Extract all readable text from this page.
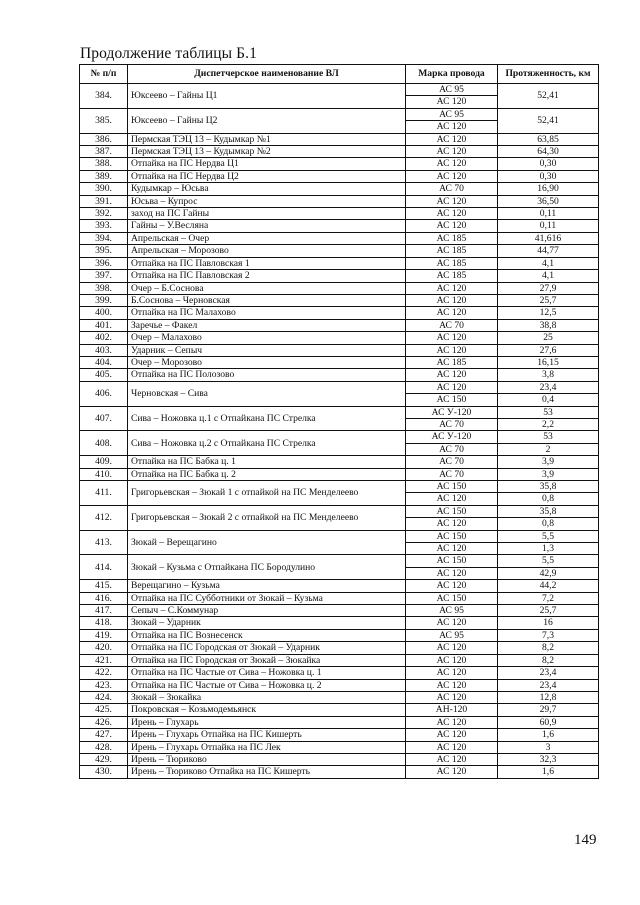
Продолжение таблицы Б.1
№ п/п	Диспетчерское наименование ВЛ	Марка провода	Протяженность, км
384.	Юксеево – Гайны Ц1	АС 95	52,41
		АС 120	
385.	Юксеево – Гайны Ц2	АС 95	52,41
		АС 120	
386.	Пермская ТЭЦ 13 – Кудымкар №1	АС 120	63,85
387.	Пермская ТЭЦ 13 – Кудымкар №2	АС 120	64,30
388.	Отпайка на ПС Нердва Ц1	АС 120	0,30
389.	Отпайка на ПС Нердва Ц2	АС 120	0,30
390.	Кудымкар – Юсьва	АС 70	16,90
391.	Юсьва – Купрос	АС 120	36,50
392.	заход на ПС Гайны	АС 120	0,11
393.	Гайны – У.Весляна	АС 120	0,11
394.	Апрельская – Очер	АС 185	41,616
395.	Апрельская – Морозово	АС 185	44,77
396.	Отпайка на ПС Павловская 1	АС 185	4,1
397.	Отпайка на ПС Павловская 2	АС 185	4,1
398.	Очер – Б.Соснова	АС 120	27,9
399.	Б.Соснова – Черновская	АС 120	25,7
400.	Отпайка на ПС Малахово	АС 120	12,5
401.	Заречье – Факел	АС 70	38,8
402.	Очер – Малахово	АС 120	25
403.	Ударник – Сепыч	АС 120	27,6
404.	Очер – Морозово	АС 185	16,15
405.	Отпайка на ПС Полозово	АС 120	3,8
406.	Черновская – Сива	АС 120	23,4
		АС 150	0,4
407.	Сива – Ножовка ц.1 с Отпайкана ПС Стрелка	АС У-120	53
		АС 70	2,2
408.	Сива – Ножовка ц.2 с Отпайкана ПС Стрелка	АС У-120	53
		АС 70	2
409.	Отпайка на ПС Бабка ц. 1	АС 70	3,9
410.	Отпайка на ПС Бабка ц. 2	АС 70	3,9
411.	Григорьевская – Зюкай 1 с отпайкой на ПС Менделеево	АС 150	35,8
		АС 120	0,8
412.	Григорьевская – Зюкай 2 с отпайкой на ПС Менделеево	АС 150	35,8
		АС 120	0,8
413.	Зюкай – Верещагино	АС 150	5,5
		АС 120	1,3
414.	Зюкай – Кузьма с Отпайкана ПС Бородулино	АС 150	5,5
		АС 120	42,9
415.	Верещагино – Кузьма	АС 120	44,2
416.	Отпайка на ПС Субботники от Зюкай – Кузьма	АС 150	7,2
417.	Сепыч – С.Коммунар	АС 95	25,7
418.	Зюкай – Ударник	АС 120	16
419.	Отпайка на ПС Вознесенск	АС 95	7,3
420.	Отпайка на ПС Городская от Зюкай – Ударник	АС 120	8,2
421.	Отпайка на ПС Городская от Зюкай – Зюкайка	АС 120	8,2
422.	Отпайка на ПС Частые от Сива – Ножовка ц. 1	АС 120	23,4
423.	Отпайка на ПС Частые от Сива – Ножовка ц. 2	АС 120	23,4
424.	Зюкай – Зюкайка	АС 120	12,8
425.	Покровская – Козьмодемьянск	АН-120	29,7
426.	Ирень – Глухарь	АС 120	60,9
427.	Ирень – Глухарь Отпайка на ПС Кишерть	АС 120	1,6
428.	Ирень – Глухарь Отпайка на ПС Лек	АС 120	3
429.	Ирень – Тюриково	АС 120	32,3
430.	Ирень – Тюриково Отпайка на ПС Кишерть	АС 120	1,6
149
